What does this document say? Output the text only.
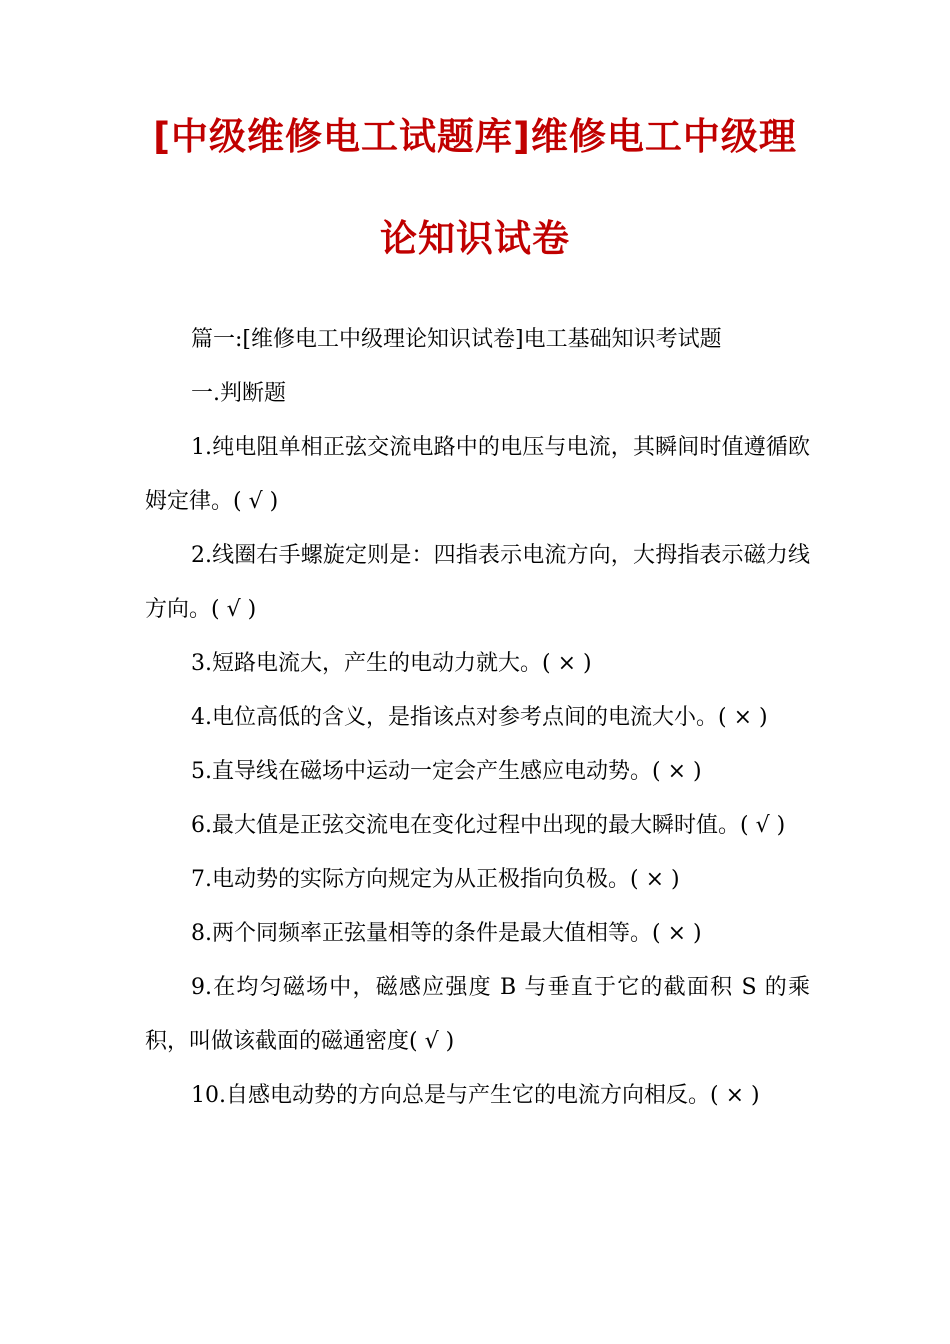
[中级维修电工试题库]维修电工中级理
论知识试卷

篇一:[维修电工中级理论知识试卷]电工基础知识考试题

一.判断题

1.纯电阻单相正弦交流电路中的电压与电流，其瞬间时值遵循欧姆定律。( √ )

2.线圈右手螺旋定则是：四指表示电流方向，大拇指表示磁力线方向。( √ )

3.短路电流大，产生的电动力就大。( × )

4.电位高低的含义，是指该点对参考点间的电流大小。( × )

5.直导线在磁场中运动一定会产生感应电动势。( × )

6.最大值是正弦交流电在变化过程中出现的最大瞬时值。( √ )

7.电动势的实际方向规定为从正极指向负极。( × )

8.两个同频率正弦量相等的条件是最大值相等。( × )

9.在均匀磁场中，磁感应强度 B 与垂直于它的截面积 S 的乘积，叫做该截面的磁通密度( √ )

10.自感电动势的方向总是与产生它的电流方向相反。( × )
